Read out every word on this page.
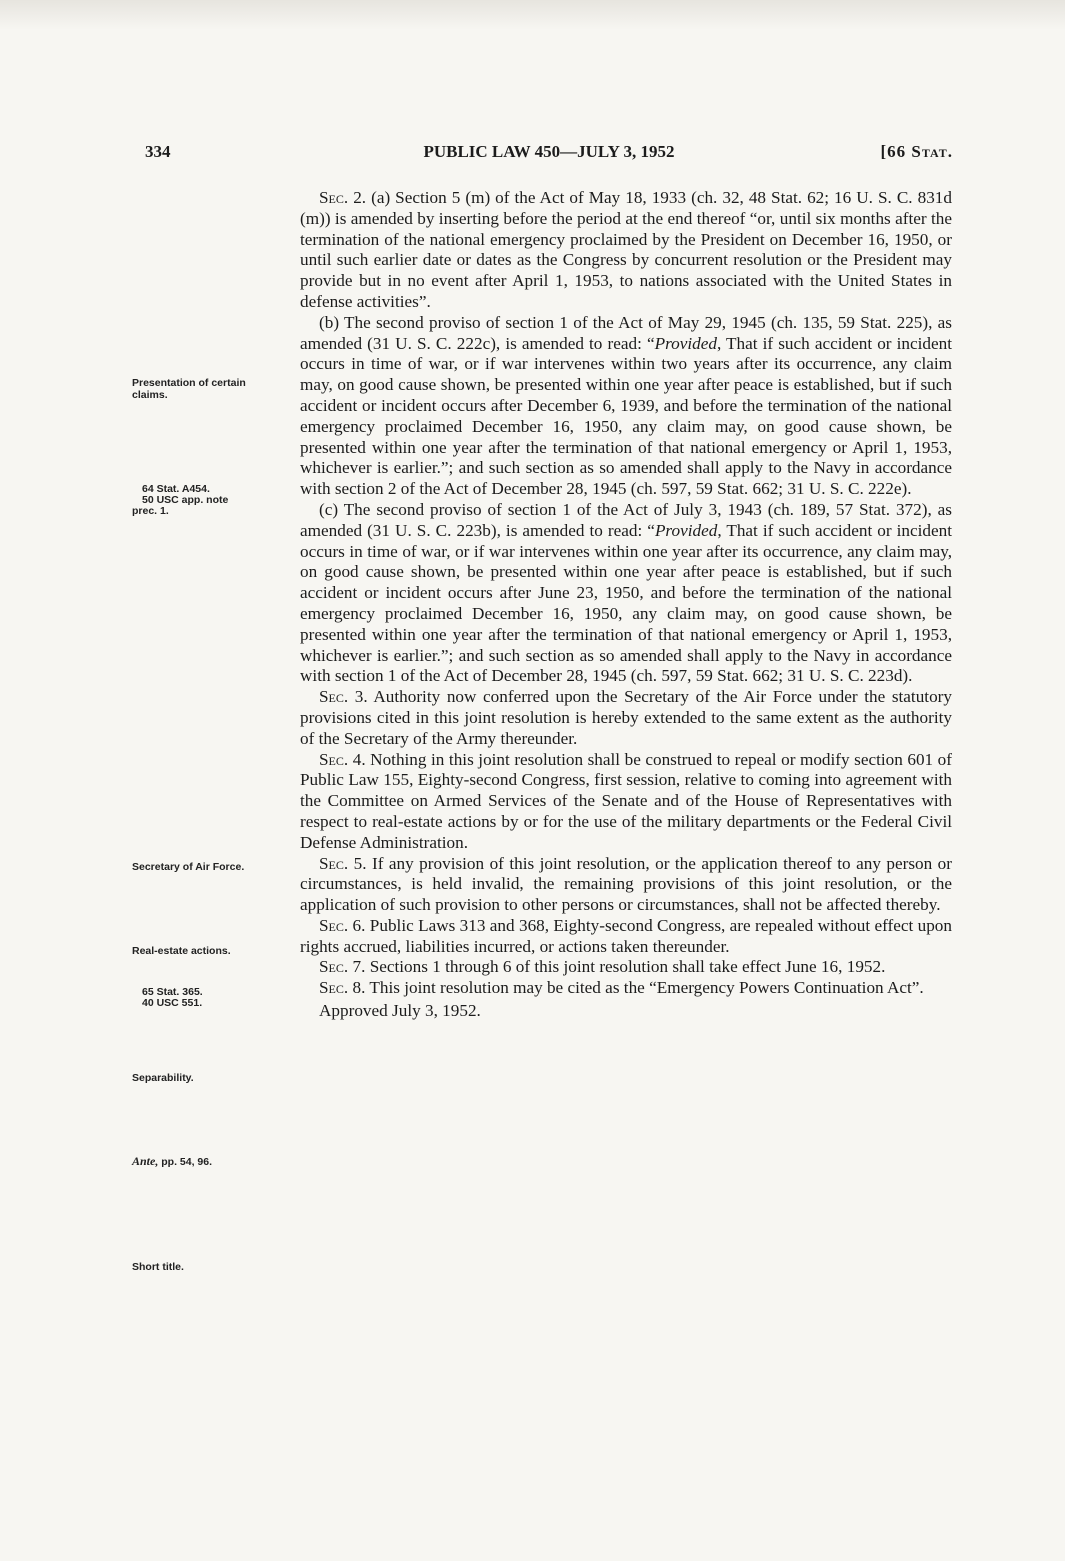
334	PUBLIC LAW 450—JULY 3, 1952	[66 Stat.
Presentation of certain claims.
64 Stat. A454.
50 USC app. note
prec. 1.
Secretary of Air Force.
Real-estate actions.
65 Stat. 365.
40 USC 551.
Separability.
Ante, pp. 54, 96.
Short title.

Sec. 2. (a) Section 5 (m) of the Act of May 18, 1933 (ch. 32, 48 Stat. 62; 16 U. S. C. 831d (m)) is amended by inserting before the period at the end thereof “or, until six months after the termination of the national emergency proclaimed by the President on December 16, 1950, or until such earlier date or dates as the Congress by concurrent resolution or the President may provide but in no event after April 1, 1953, to nations associated with the United States in defense activities”.

(b) The second proviso of section 1 of the Act of May 29, 1945 (ch. 135, 59 Stat. 225), as amended (31 U. S. C. 222c), is amended to read: “Provided, That if such accident or incident occurs in time of war, or if war intervenes within two years after its occurrence, any claim may, on good cause shown, be presented within one year after peace is established, but if such accident or incident occurs after December 6, 1939, and before the termination of the national emergency proclaimed December 16, 1950, any claim may, on good cause shown, be presented within one year after the termination of that national emergency or April 1, 1953, whichever is earlier.”; and such section as so amended shall apply to the Navy in accordance with section 2 of the Act of December 28, 1945 (ch. 597, 59 Stat. 662; 31 U. S. C. 222e).

(c) The second proviso of section 1 of the Act of July 3, 1943 (ch. 189, 57 Stat. 372), as amended (31 U. S. C. 223b), is amended to read: “Provided, That if such accident or incident occurs in time of war, or if war intervenes within one year after its occurrence, any claim may, on good cause shown, be presented within one year after peace is established, but if such accident or incident occurs after June 23, 1950, and before the termination of the national emergency proclaimed December 16, 1950, any claim may, on good cause shown, be presented within one year after the termination of that national emergency or April 1, 1953, whichever is earlier.”; and such section as so amended shall apply to the Navy in accordance with section 1 of the Act of December 28, 1945 (ch. 597, 59 Stat. 662; 31 U. S. C. 223d).

Sec. 3. Authority now conferred upon the Secretary of the Air Force under the statutory provisions cited in this joint resolution is hereby extended to the same extent as the authority of the Secretary of the Army thereunder.

Sec. 4. Nothing in this joint resolution shall be construed to repeal or modify section 601 of Public Law 155, Eighty-second Congress, first session, relative to coming into agreement with the Committee on Armed Services of the Senate and of the House of Representatives with respect to real-estate actions by or for the use of the military departments or the Federal Civil Defense Administration.

Sec. 5. If any provision of this joint resolution, or the application thereof to any person or circumstances, is held invalid, the remaining provisions of this joint resolution, or the application of such provision to other persons or circumstances, shall not be affected thereby.

Sec. 6. Public Laws 313 and 368, Eighty-second Congress, are repealed without effect upon rights accrued, liabilities incurred, or actions taken thereunder.

Sec. 7. Sections 1 through 6 of this joint resolution shall take effect June 16, 1952.

Sec. 8. This joint resolution may be cited as the “Emergency Powers Continuation Act”.

Approved July 3, 1952.
